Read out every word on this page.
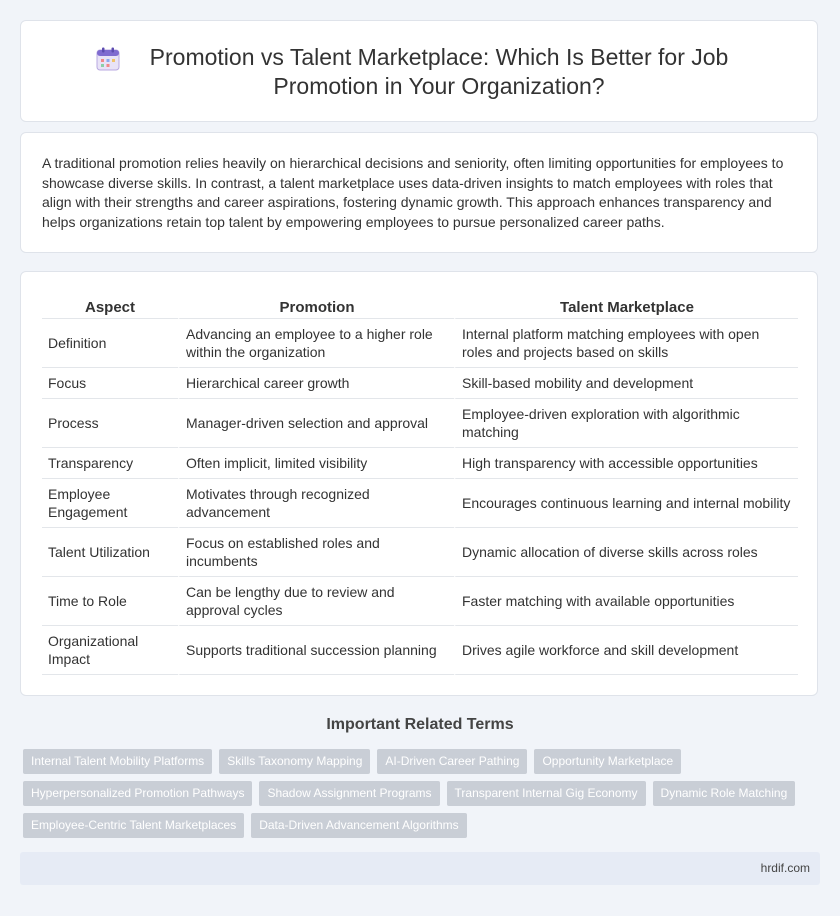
Promotion vs Talent Marketplace: Which Is Better for Job Promotion in Your Organization?

A traditional promotion relies heavily on hierarchical decisions and seniority, often limiting opportunities for employees to showcase diverse skills. In contrast, a talent marketplace uses data-driven insights to match employees with roles that align with their strengths and career aspirations, fostering dynamic growth. This approach enhances transparency and helps organizations retain top talent by empowering employees to pursue personalized career paths.

Aspect	Promotion	Talent Marketplace
Definition	Advancing an employee to a higher role within the organization	Internal platform matching employees with open roles and projects based on skills
Focus	Hierarchical career growth	Skill-based mobility and development
Process	Manager-driven selection and approval	Employee-driven exploration with algorithmic matching
Transparency	Often implicit, limited visibility	High transparency with accessible opportunities
Employee Engagement	Motivates through recognized advancement	Encourages continuous learning and internal mobility
Talent Utilization	Focus on established roles and incumbents	Dynamic allocation of diverse skills across roles
Time to Role	Can be lengthy due to review and approval cycles	Faster matching with available opportunities
Organizational Impact	Supports traditional succession planning	Drives agile workforce and skill development
Important Related Terms
Internal Talent Mobility Platforms	Skills Taxonomy Mapping	AI-Driven Career Pathing	Opportunity Marketplace
Hyperpersonalized Promotion Pathways	Shadow Assignment Programs	Transparent Internal Gig Economy	Dynamic Role Matching
Employee-Centric Talent Marketplaces	Data-Driven Advancement Algorithms
hrdif.com
